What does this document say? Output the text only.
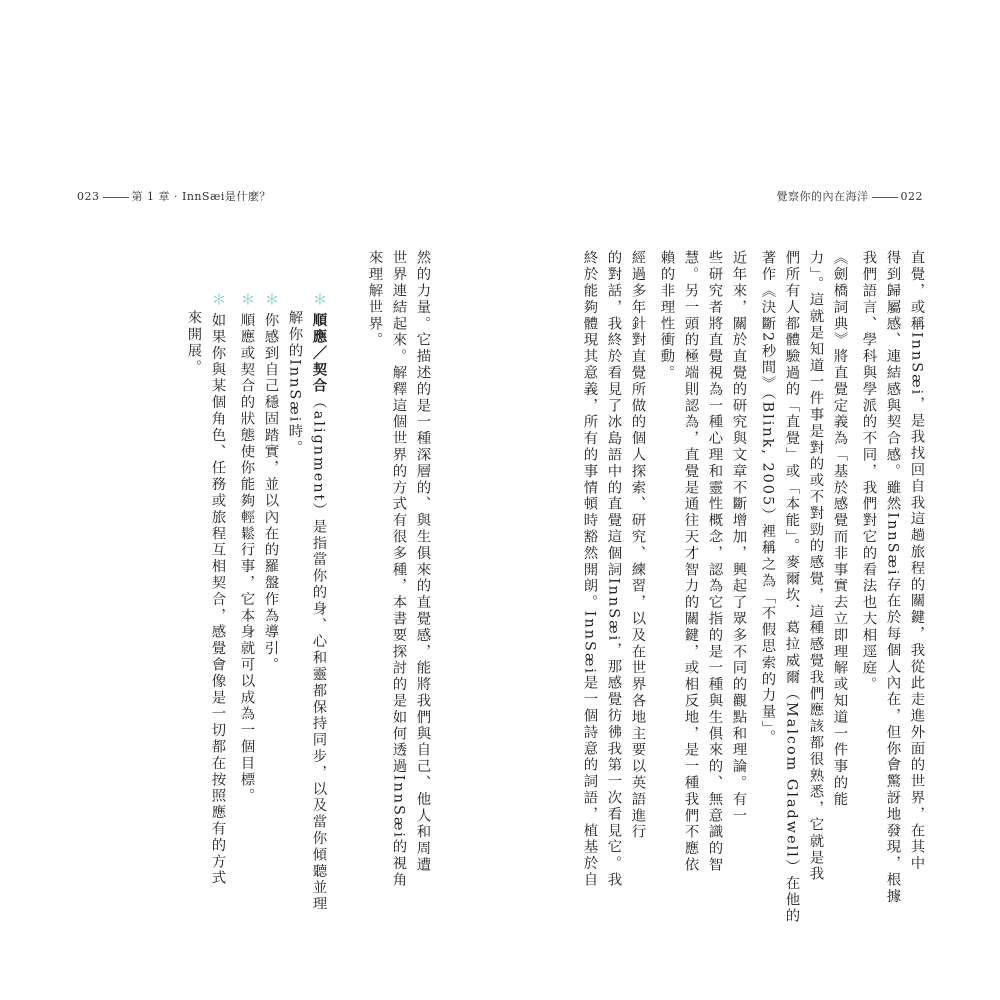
023	第 1 章 · InnSæi是什麼？	覺察你的內在海洋	022
直覺，或稱InnSæi，是我找回自我這趟旅程的關鍵，我從此走進外面的世界，在其中
得到歸屬感、連結感與契合感。雖然InnSæi存在於每個人內在，但你會驚訝地發現，根據
我們語言、學科與學派的不同，我們對它的看法也大相逕庭。
《劍橋詞典》將直覺定義為「基於感覺而非事實去立即理解或知道一件事的能
力」。這就是知道一件事是對的或不對勁的感覺，這種感覺我們應該都很熟悉，它就是我
們所有人都體驗過的「直覺」或「本能」。麥爾坎．葛拉威爾（Malcom Gladwell）在他的
著作《決斷2秒間》（Blink, 2005）裡稱之為「不假思索的力量」。
近年來，關於直覺的研究與文章不斷增加，興起了眾多不同的觀點和理論。有一
些研究者將直覺視為一種心理和靈性概念，認為它指的是一種與生俱來的、無意識的智
慧。另一頭的極端則認為，直覺是通往天才智力的關鍵，或相反地，是一種我們不應依
賴的非理性衝動。
經過多年針對直覺所做的個人探索、研究、練習，以及在世界各地主要以英語進行
的對話，我終於看見了冰島語中的直覺這個詞InnSæi，那感覺彷彿我第一次看見它。我
終於能夠體現其意義，所有的事情頓時豁然開朗。InnSæi是一個詩意的詞語，植基於自
然的力量。它描述的是一種深層的、與生俱來的直覺感，能將我們與自己、他人和周遭
世界連結起來。解釋這個世界的方式有很多種，本書要探討的是如何透過InnSæi的視角
來理解世界。
＊順應／契合（alignment）是指當你的身、心和靈都保持同步，以及當你傾聽並理
解你的InnSæi時。
＊你感到自己穩固踏實，並以內在的羅盤作為導引。
＊順應或契合的狀態使你能夠輕鬆行事，它本身就可以成為一個目標。
＊如果你與某個角色、任務或旅程互相契合，感覺會像是一切都在按照應有的方式
來開展。
